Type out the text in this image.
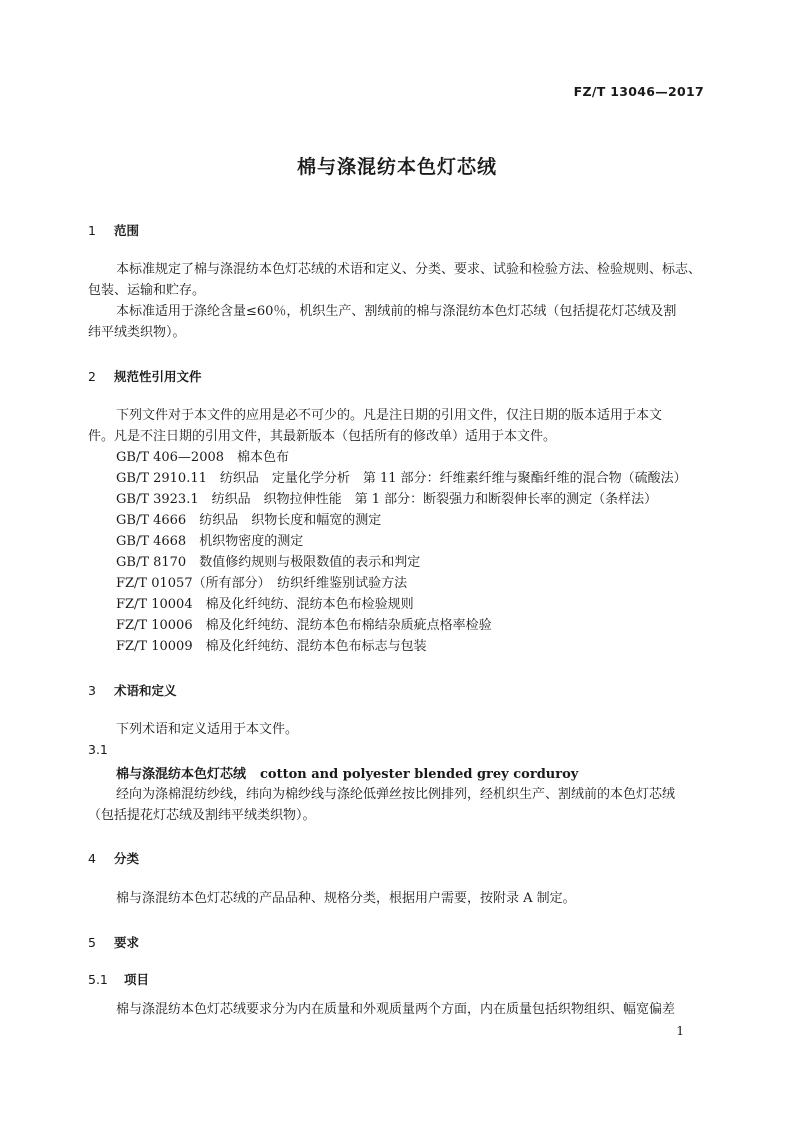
FZ/T 13046—2017
棉与涤混纺本色灯芯绒
1 范围
本标准规定了棉与涤混纺本色灯芯绒的术语和定义、分类、要求、试验和检验方法、检验规则、标志、
包装、运输和贮存。
本标准适用于涤纶含量≤60％，机织生产、割绒前的棉与涤混纺本色灯芯绒（包括提花灯芯绒及割
纬平绒类织物）。
2 规范性引用文件
下列文件对于本文件的应用是必不可少的。凡是注日期的引用文件，仅注日期的版本适用于本文
件。凡是不注日期的引用文件，其最新版本（包括所有的修改单）适用于本文件。
GB/T 406—2008　棉本色布
GB/T 2910.11　纺织品　定量化学分析　第 11 部分：纤维素纤维与聚酯纤维的混合物（硫酸法）
GB/T 3923.1　纺织品　织物拉伸性能　第 1 部分：断裂强力和断裂伸长率的测定（条样法）
GB/T 4666　纺织品　织物长度和幅宽的测定
GB/T 4668　机织物密度的测定
GB/T 8170　数值修约规则与极限数值的表示和判定
FZ/T 01057（所有部分）　纺织纤维鉴别试验方法
FZ/T 10004　棉及化纤纯纺、混纺本色布检验规则
FZ/T 10006　棉及化纤纯纺、混纺本色布棉结杂质疵点格率检验
FZ/T 10009　棉及化纤纯纺、混纺本色布标志与包装
3 术语和定义
下列术语和定义适用于本文件。
3.1
棉与涤混纺本色灯芯绒 cotton and polyester blended grey corduroy
经向为涤棉混纺纱线，纬向为棉纱线与涤纶低弹丝按比例排列，经机织生产、割绒前的本色灯芯绒
（包括提花灯芯绒及割纬平绒类织物）。
4 分类
棉与涤混纺本色灯芯绒的产品品种、规格分类，根据用户需要，按附录 A 制定。
5 要求
5.1 项目
棉与涤混纺本色灯芯绒要求分为内在质量和外观质量两个方面，内在质量包括织物组织、幅宽偏差
1
